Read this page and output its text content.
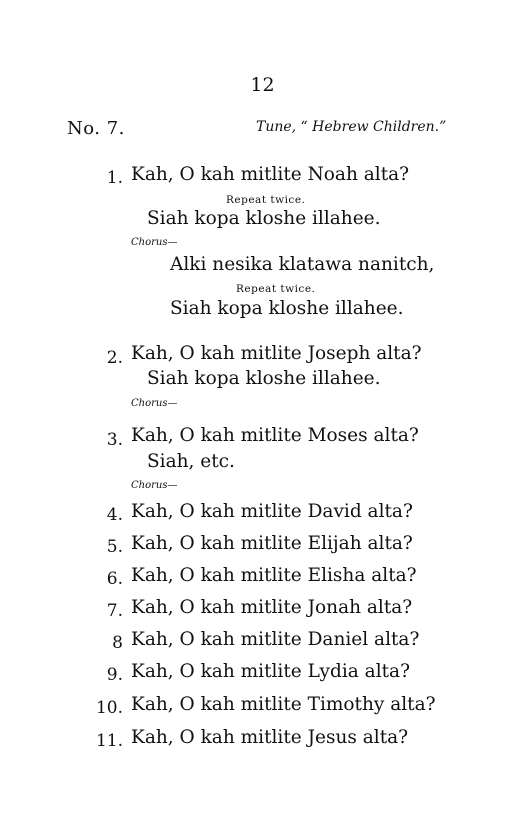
12
No. 7.	Tune, “ Hebrew Children.”
1. Kah, O kah mitlite Noah alta?
Repeat twice.
Siah kopa kloshe illahee.
Chorus—
Alki nesika klatawa nanitch,
Repeat twice.
Siah kopa kloshe illahee.
2. Kah, O kah mitlite Joseph alta?
Siah kopa kloshe illahee.
Chorus—
3. Kah, O kah mitlite Moses alta?
Siah, etc.
Chorus—
4. Kah, O kah mitlite David alta?
5. Kah, O kah mitlite Elijah alta?
6. Kah, O kah mitlite Elisha alta?
7. Kah, O kah mitlite Jonah alta?
8 Kah, O kah mitlite Daniel alta?
9. Kah, O kah mitlite Lydia alta?
10. Kah, O kah mitlite Timothy alta?
11. Kah, O kah mitlite Jesus alta?
